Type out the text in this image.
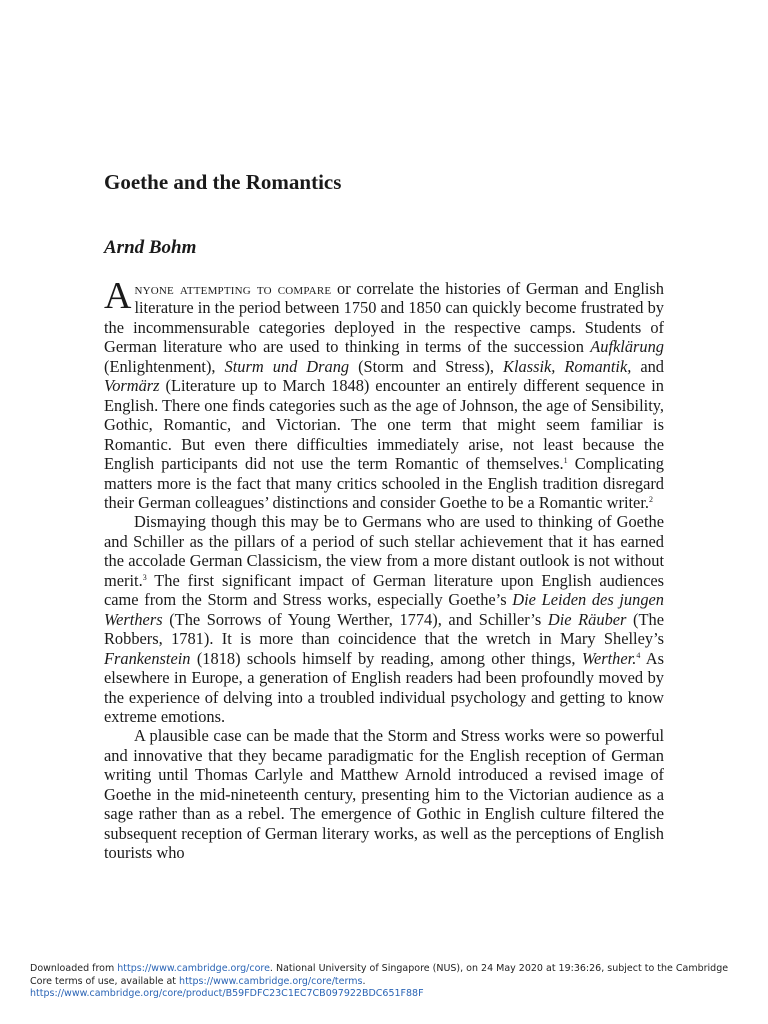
Goethe and the Romantics
Arnd Bohm

Anyone attempting to compare or correlate the histories of German and English literature in the period between 1750 and 1850 can quickly become frustrated by the incommensurable categories deployed in the respective camps. Students of German literature who are used to thinking in terms of the succession Aufklärung (Enlightenment), Sturm und Drang (Storm and Stress), Klassik, Romantik, and Vormärz (Literature up to March 1848) encounter an entirely different sequence in English. There one finds categories such as the age of Johnson, the age of Sensibility, Gothic, Romantic, and Victorian. The one term that might seem familiar is Romantic. But even there difficulties immediately arise, not least because the English participants did not use the term Romantic of themselves.$^1$ Complicating matters more is the fact that many critics schooled in the English tradition disregard their German colleagues’ distinctions and consider Goethe to be a Romantic writer.$^2$

Dismaying though this may be to Germans who are used to thinking of Goethe and Schiller as the pillars of a period of such stellar achievement that it has earned the accolade German Classicism, the view from a more distant outlook is not without merit.$^3$ The first significant impact of German literature upon English audiences came from the Storm and Stress works, especially Goethe’s Die Leiden des jungen Werthers (The Sorrows of Young Werther, 1774), and Schiller’s Die Räuber (The Robbers, 1781). It is more than coincidence that the wretch in Mary Shelley’s Frankenstein (1818) schools himself by reading, among other things, Werther.$^4$ As elsewhere in Europe, a generation of English readers had been profoundly moved by the experience of delving into a troubled individual psychology and getting to know extreme emotions.

A plausible case can be made that the Storm and Stress works were so powerful and innovative that they became paradigmatic for the English reception of German writing until Thomas Carlyle and Matthew Arnold introduced a revised image of Goethe in the mid-nineteenth century, presenting him to the Victorian audience as a sage rather than as a rebel. The emergence of Gothic in English culture filtered the subsequent reception of German literary works, as well as the perceptions of English tourists who

Downloaded from https://www.cambridge.org/core. National University of Singapore (NUS), on 24 May 2020 at 19:36:26, subject to the Cambridge Core terms of use, available at https://www.cambridge.org/core/terms.
https://www.cambridge.org/core/product/B59FDFC23C1EC7CB097922BDC651F88F
